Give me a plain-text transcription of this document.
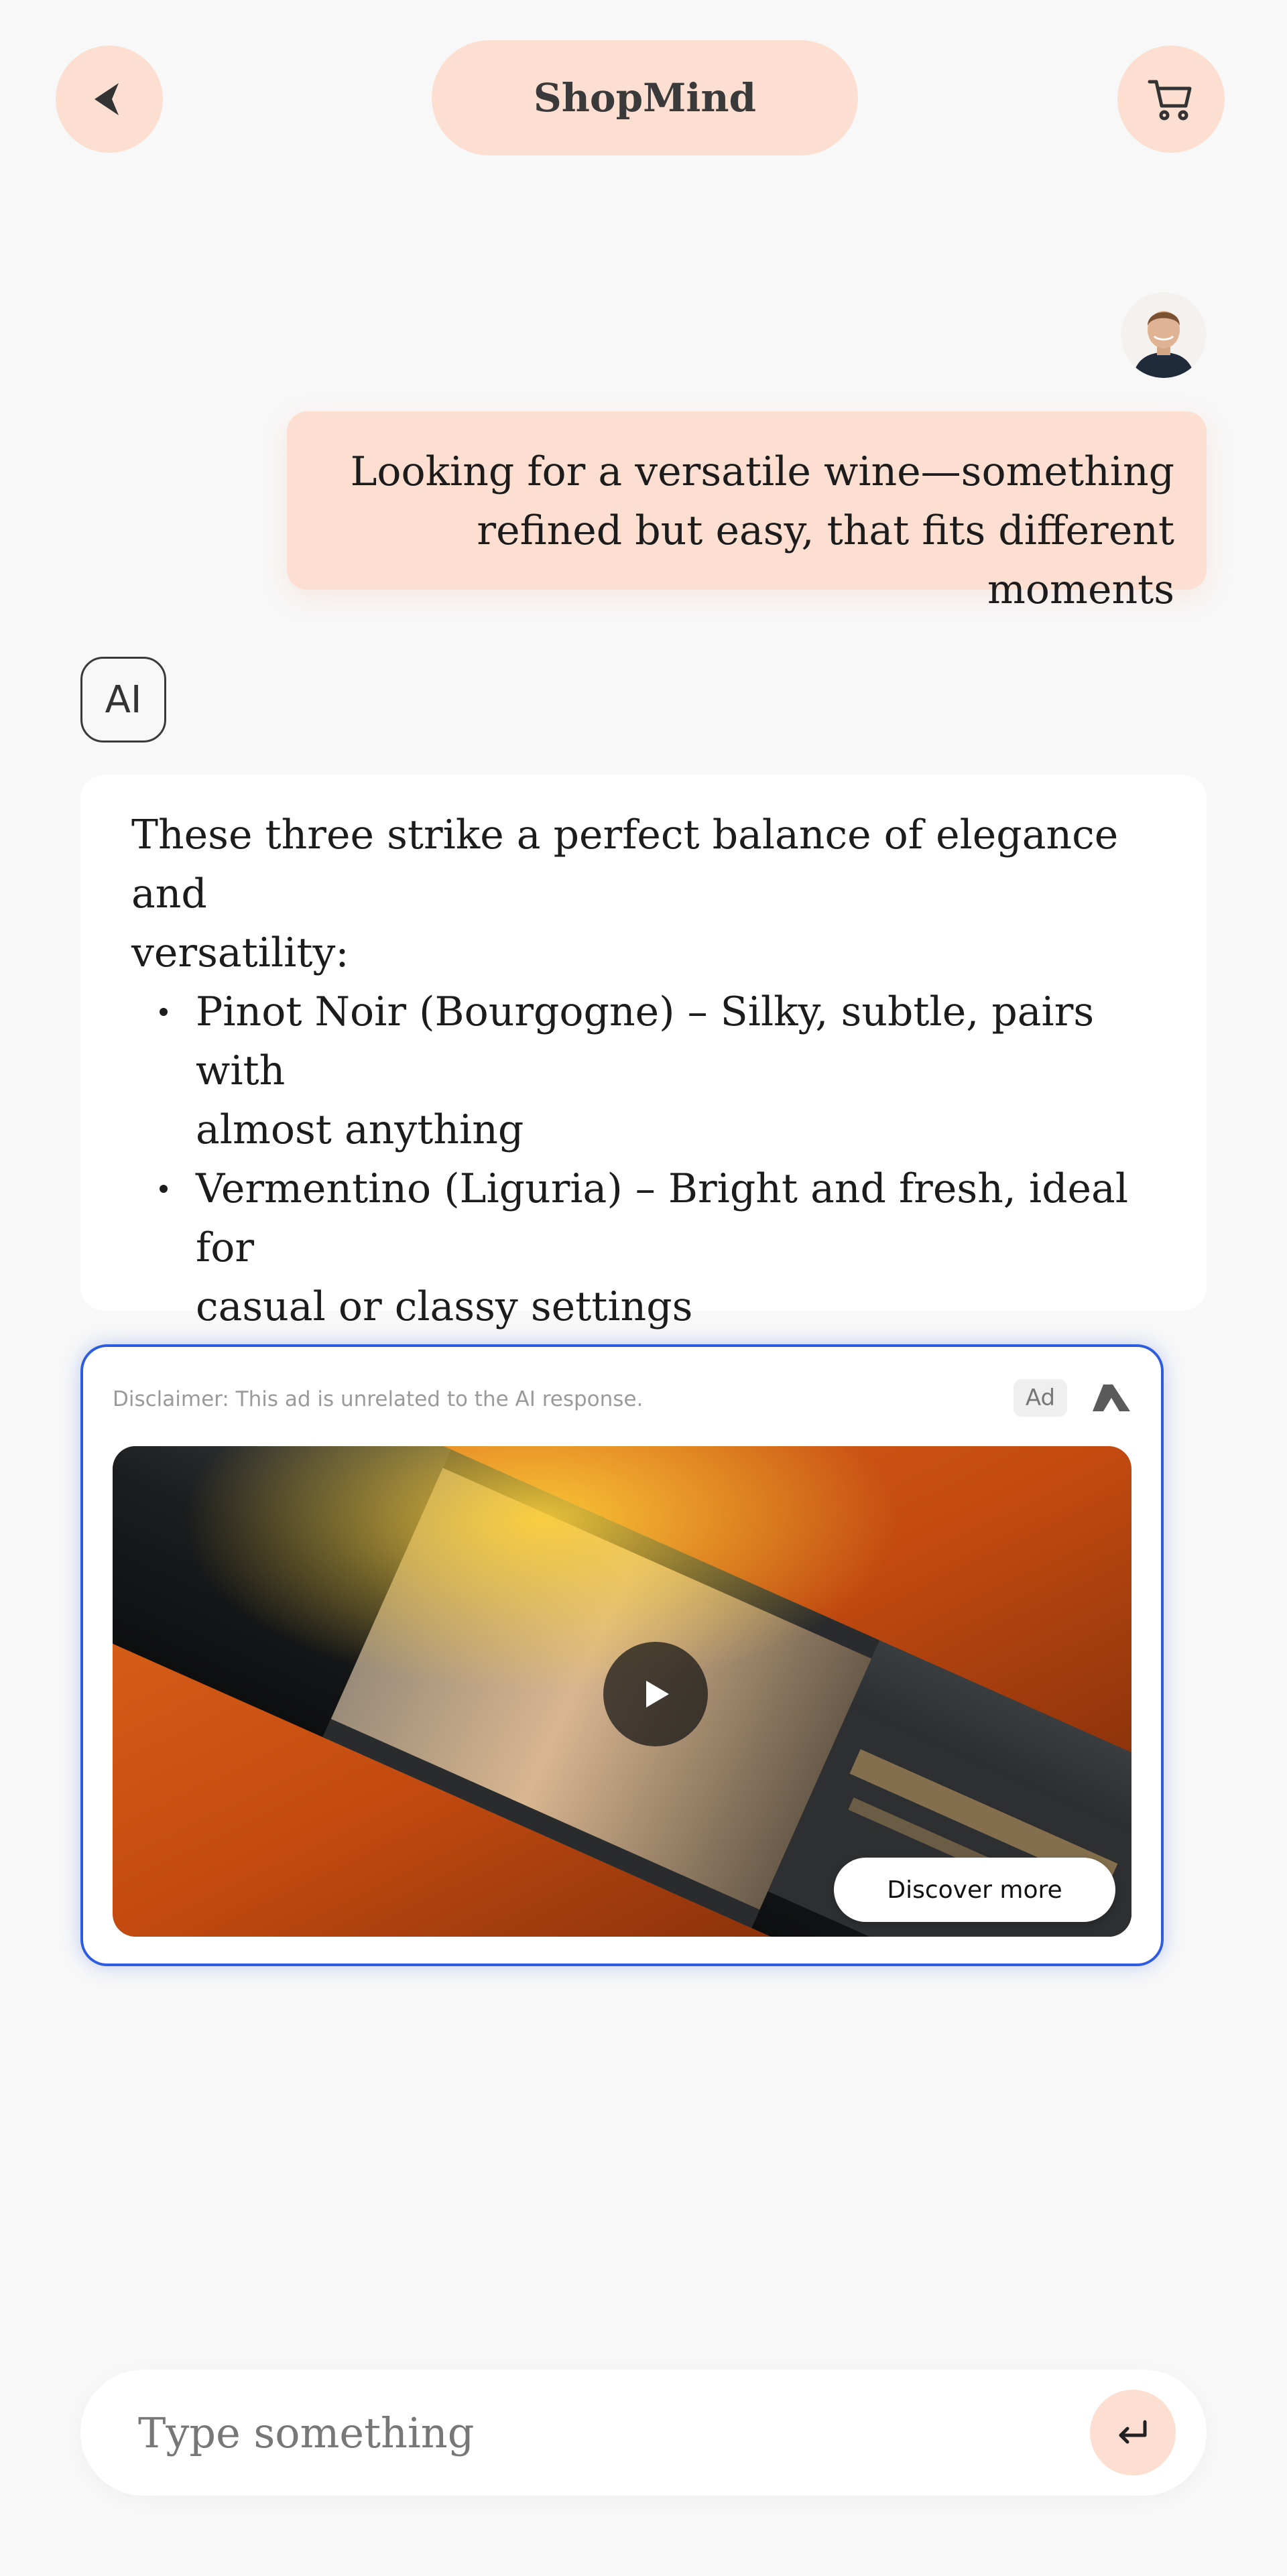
ShopMind
Looking for a versatile wine—something
refined but easy, that fits different moments
AI
These three strike a perfect balance of elegance and
versatility:
Pinot Noir (Bourgogne) – Silky, subtle, pairs with
almost anything
Vermentino (Liguria) – Bright and fresh, ideal for
casual or classy settings
Disclaimer: This ad is unrelated to the AI response.	Ad
Discover more
Type something
